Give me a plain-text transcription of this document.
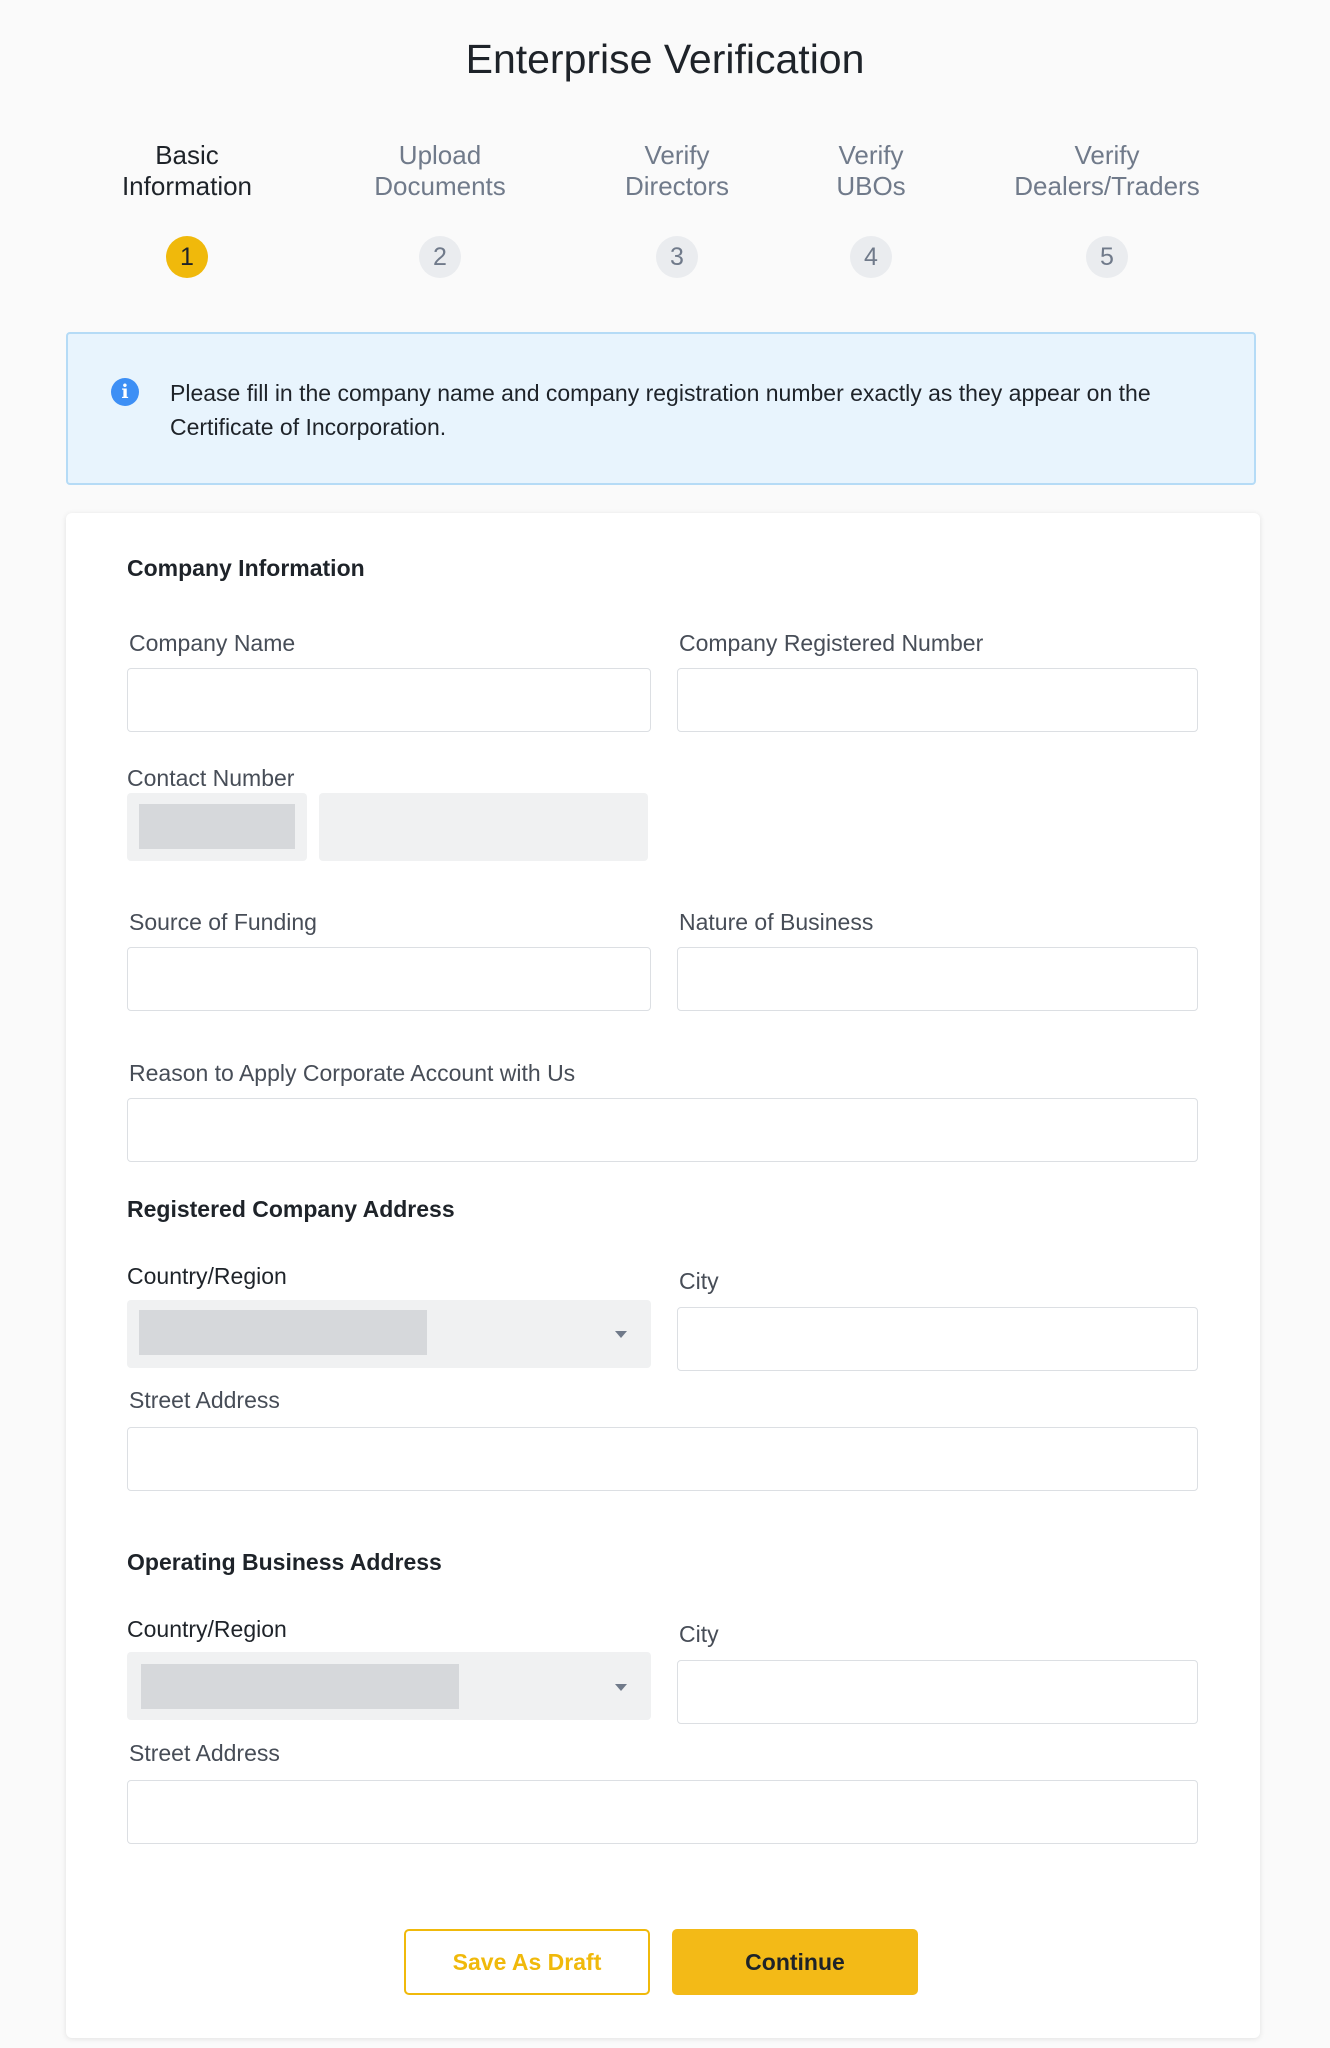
Enterprise Verification
Basic
Information
1
Upload
Documents
2
Verify
Directors
3
Verify
UBOs
4
Verify
Dealers/Traders
5
i	Please fill in the company name and company registration number exactly as they appear on the Certificate of Incorporation.
Company Information
Company Name	Company Registered Number
Contact Number
Source of Funding	Nature of Business
Reason to Apply Corporate Account with Us
Registered Company Address
Country/Region	City
Street Address
Operating Business Address
Country/Region	City
Street Address
Save As Draft	Continue
